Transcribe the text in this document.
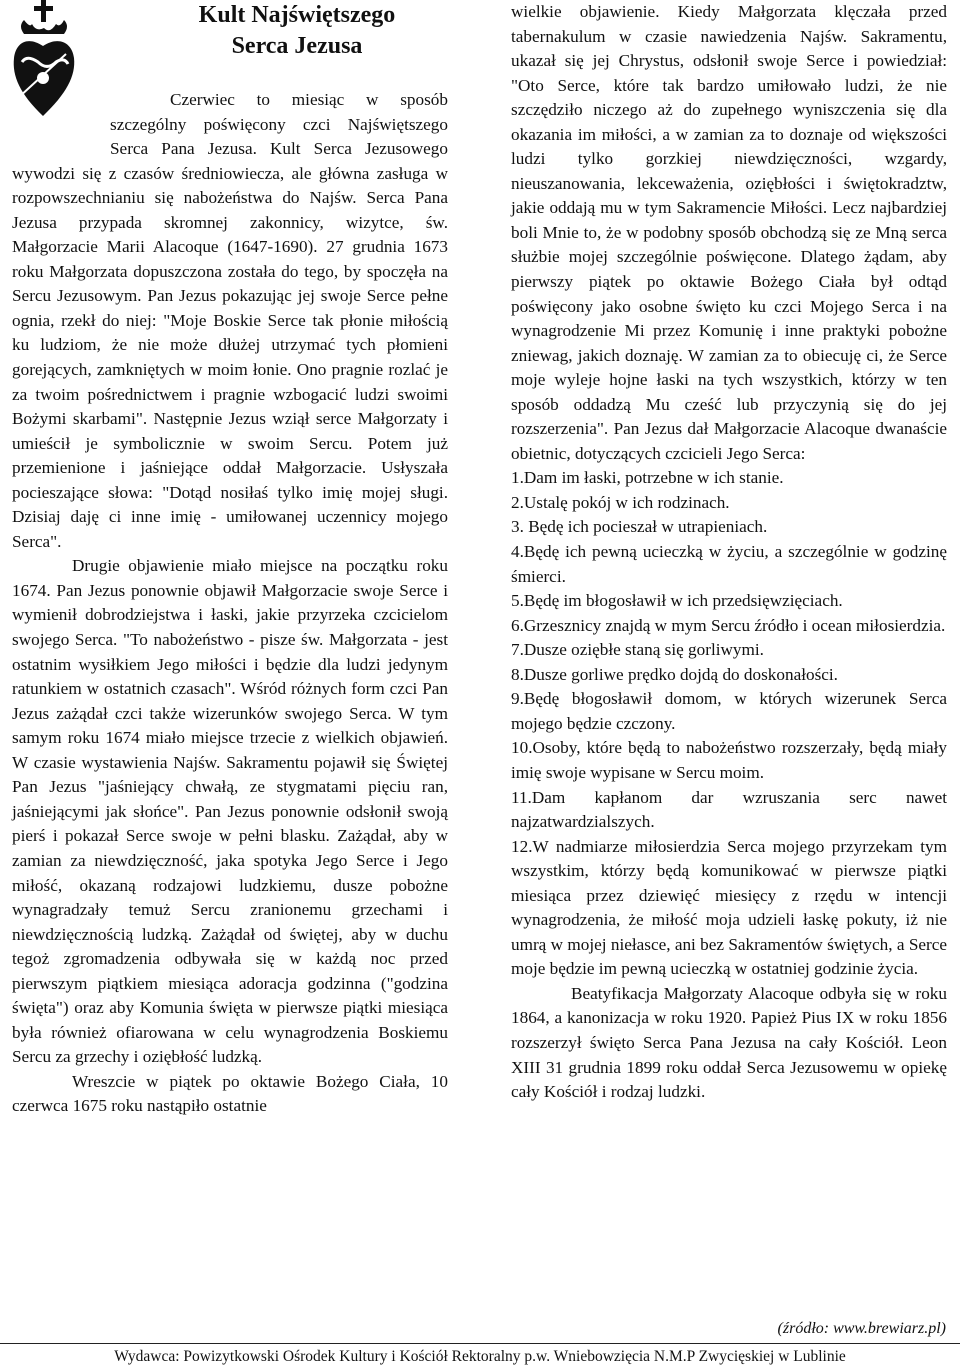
Kult Najświętszego
Serca Jezusa

Czerwiec to miesiąc w sposób szczególny poświęcony czci Najświętszego Serca Pana Jezusa. Kult Serca Jezusowego wywodzi się z czasów średniowiecza, ale główna zasługa w rozpowszechnianiu się nabożeństwa do Najśw. Serca Pana Jezusa przypada skromnej zakonnicy, wizytce, św. Małgorzacie Marii Alacoque (1647-1690). 27 grudnia 1673 roku Małgorzata dopuszczona została do tego, by spoczęła na Sercu Jezusowym. Pan Jezus pokazując jej swoje Serce pełne ognia, rzekł do niej: "Moje Boskie Serce tak płonie miłością ku ludziom, że nie może dłużej utrzymać tych płomieni gorejących, zamkniętych w moim łonie. Ono pragnie rozlać je za twoim pośrednictwem i pragnie wzbogacić ludzi swoimi Bożymi skarbami". Następnie Jezus wziął serce Małgorzaty i umieścił je symbolicznie w swoim Sercu. Potem już przemienione i jaśniejące oddał Małgorzacie. Usłyszała pocieszające słowa: "Dotąd nosiłaś tylko imię mojej sługi. Dzisiaj daję ci inne imię - umiłowanej uczennicy mojego Serca".

Drugie objawienie miało miejsce na początku roku 1674. Pan Jezus ponownie objawił Małgorzacie swoje Serce i wymienił dobrodziejstwa i łaski, jakie przyrzeka czcicielom swojego Serca. "To nabożeństwo - pisze św. Małgorzata - jest ostatnim wysiłkiem Jego miłości i będzie dla ludzi jedynym ratunkiem w ostatnich czasach". Wśród różnych form czci Pan Jezus zażądał czci także wizerunków swojego Serca. W tym samym roku 1674 miało miejsce trzecie z wielkich objawień. W czasie wystawienia Najśw. Sakramentu pojawił się Świętej Pan Jezus "jaśniejący chwałą, ze stygmatami pięciu ran, jaśniejącymi jak słońce". Pan Jezus ponownie odsłonił swoją pierś i pokazał Serce swoje w pełni blasku. Zażądał, aby w zamian za niewdzięczność, jaka spotyka Jego Serce i Jego miłość, okazaną rodzajowi ludzkiemu, dusze pobożne wynagradzały temuż Sercu zranionemu grzechami i niewdzięcznością ludzką. Zażądał od świętej, aby w duchu tegoż zgromadzenia odbywała się w każdą noc przed pierwszym piątkiem miesiąca adoracja godzinna ("godzina święta") oraz aby Komunia święta w pierwsze piątki miesiąca była również ofiarowana w celu wynagrodzenia Boskiemu Sercu za grzechy i oziębłość ludzką.

Wreszcie w piątek po oktawie Bożego Ciała, 10 czerwca 1675 roku nastąpiło ostatnie

wielkie objawienie. Kiedy Małgorzata klęczała przed tabernakulum w czasie nawiedzenia Najśw. Sakramentu, ukazał się jej Chrystus, odsłonił swoje Serce i powiedział: "Oto Serce, które tak bardzo umiłowało ludzi, że nie szczędziło niczego aż do zupełnego wyniszczenia się dla okazania im miłości, a w zamian za to doznaje od większości ludzi tylko gorzkiej niewdzięczności, wzgardy, nieuszanowania, lekceważenia, oziębłości i świętokradztw, jakie oddają mu w tym Sakramencie Miłości. Lecz najbardziej boli Mnie to, że w podobny sposób obchodzą się ze Mną serca służbie mojej szczególnie poświęcone. Dlatego żądam, aby pierwszy piątek po oktawie Bożego Ciała był odtąd poświęcony jako osobne święto ku czci Mojego Serca i na wynagrodzenie Mi przez Komunię i inne praktyki pobożne zniewag, jakich doznaję. W zamian za to obiecuję ci, że Serce moje wyleje hojne łaski na tych wszystkich, którzy w ten sposób oddadzą Mu cześć lub przyczynią się do jej rozszerzenia". Pan Jezus dał Małgorzacie Alacoque dwanaście obietnic, dotyczących czcicieli Jego Serca:

1.Dam im łaski, potrzebne w ich stanie.
2.Ustalę pokój w ich rodzinach.
3. Będę ich pocieszał w utrapieniach.
4.Będę ich pewną ucieczką w życiu, a szczególnie w godzinę śmierci.
5.Będę im błogosławił w ich przedsięwzięciach.
6.Grzesznicy znajdą w mym Sercu źródło i ocean miłosierdzia.
7.Dusze oziębłe staną się gorliwymi.
8.Dusze gorliwe prędko dojdą do doskonałości.
9.Będę błogosławił domom, w których wizerunek Serca mojego będzie czczony.
10.Osoby, które będą to nabożeństwo rozszerzały, będą miały imię swoje wypisane w Sercu moim.
11.Dam kapłanom dar wzruszania serc nawet najzatwardzialszych.
12.W nadmiarze miłosierdzia Serca mojego przyrzekam tym wszystkim, którzy będą komunikować w pierwsze piątki miesiąca przez dziewięć miesięcy z rzędu w intencji wynagrodzenia, że miłość moja udzieli łaskę pokuty, iż nie umrą w mojej niełasce, ani bez Sakramentów świętych, a Serce moje będzie im pewną ucieczką w ostatniej godzinie życia.

Beatyfikacja Małgorzaty Alacoque odbyła się w roku 1864, a kanonizacja w roku 1920. Papież Pius IX w roku 1856 rozszerzył święto Serca Pana Jezusa na cały Kościół. Leon XIII 31 grudnia 1899 roku oddał Serca Jezusowemu w opiekę cały Kościół i rodzaj ludzki.

(źródło: www.brewiarz.pl)
Wydawca: Powizytkowski Ośrodek Kultury i Kościół Rektoralny p.w. Wniebowzięcia N.M.P Zwycięskiej w Lublinie
